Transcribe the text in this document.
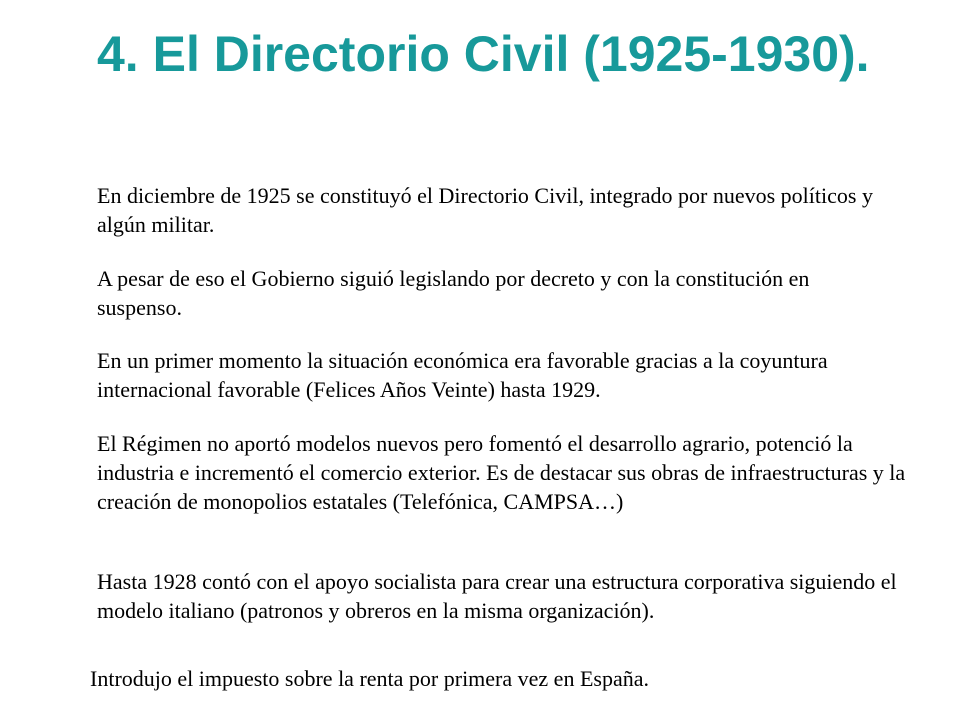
4. El Directorio Civil (1925-1930).

En diciembre de 1925 se constituyó el Directorio Civil, integrado por nuevos políticos y algún militar.

A pesar de eso el Gobierno siguió legislando por decreto y con la constitución en suspenso.

En un primer momento la situación económica era favorable gracias a la coyuntura internacional favorable (Felices Años Veinte) hasta 1929.

El Régimen no aportó modelos nuevos pero fomentó el desarrollo agrario, potenció la industria e incrementó el comercio exterior. Es de destacar sus obras de infraestructuras y la creación de monopolios estatales (Telefónica, CAMPSA…)

Hasta 1928 contó con el apoyo socialista para crear una estructura corporativa siguiendo el modelo italiano (patronos y obreros en la misma organización).

Introdujo el impuesto sobre la renta por primera vez en España.
